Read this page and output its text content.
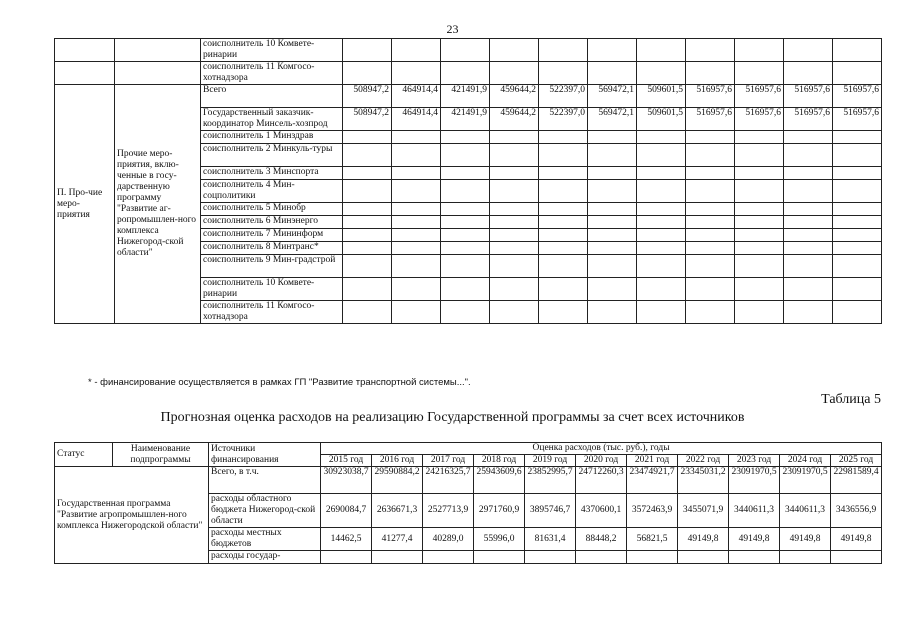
23
		соисполнитель 10 Комвете-ринарии											
		соисполнитель 11 Комгосо-хотнадзора											
П. Про-чие меро-приятия	Прочие меро-приятия, вклю-ченные в госу-дарственную программу "Развитие аг-ропромышлен-ного комплекса Нижегород-ской области"	Всего	508947,2	464914,4	421491,9	459644,2	522397,0	569472,1	509601,5	516957,6	516957,6	516957,6	516957,6
		Государственный заказчик-координатор Минсель-хозпрод	508947,2	464914,4	421491,9	459644,2	522397,0	569472,1	509601,5	516957,6	516957,6	516957,6	516957,6
		соисполнитель 1 Минздрав											
		соисполнитель 2 Минкуль-туры											
		соисполнитель 3 Минспорта											
		соисполнитель 4 Мин-соцполитики											
		соисполнитель 5 Минобр											
		соисполнитель 6 Минэнерго											
		соисполнитель 7 Мининформ											
		соисполнитель 8 Минтранс*											
		соисполнитель 9 Мин-градстрой											
		соисполнитель 10 Комвете-ринарии											
		соисполнитель 11 Комгосо-хотнадзора											
* - финансирование осуществляется в рамках ГП "Развитие транспортной системы...".
Таблица 5
Прогнозная оценка расходов на реализацию Государственной программы за счет всех источников
Статус	Наименование подпрограммы	Источники финансирования	Оценка расходов (тыс. руб.), годы										
			2015 год	2016 год	2017 год	2018 год	2019 год	2020 год	2021 год	2022 год	2023 год	2024 год	2025 год
Государственная программа "Развитие агропромышлен-ного комплекса Нижегородской области"		Всего, в т.ч.	30923038,7	29590884,2	24216325,7	25943609,6	23852995,7	24712260,3	23474921,7	23345031,2	23091970,5	23091970,5	22981589,4
		расходы областного бюджета Нижегород-ской области	2690084,7	2636671,3	2527713,9	2971760,9	3895746,7	4370600,1	3572463,9	3455071,9	3440611,3	3440611,3	3436556,9
		расходы местных бюджетов	14462,5	41277,4	40289,0	55996,0	81631,4	88448,2	56821,5	49149,8	49149,8	49149,8	49149,8
		расходы государ-											
